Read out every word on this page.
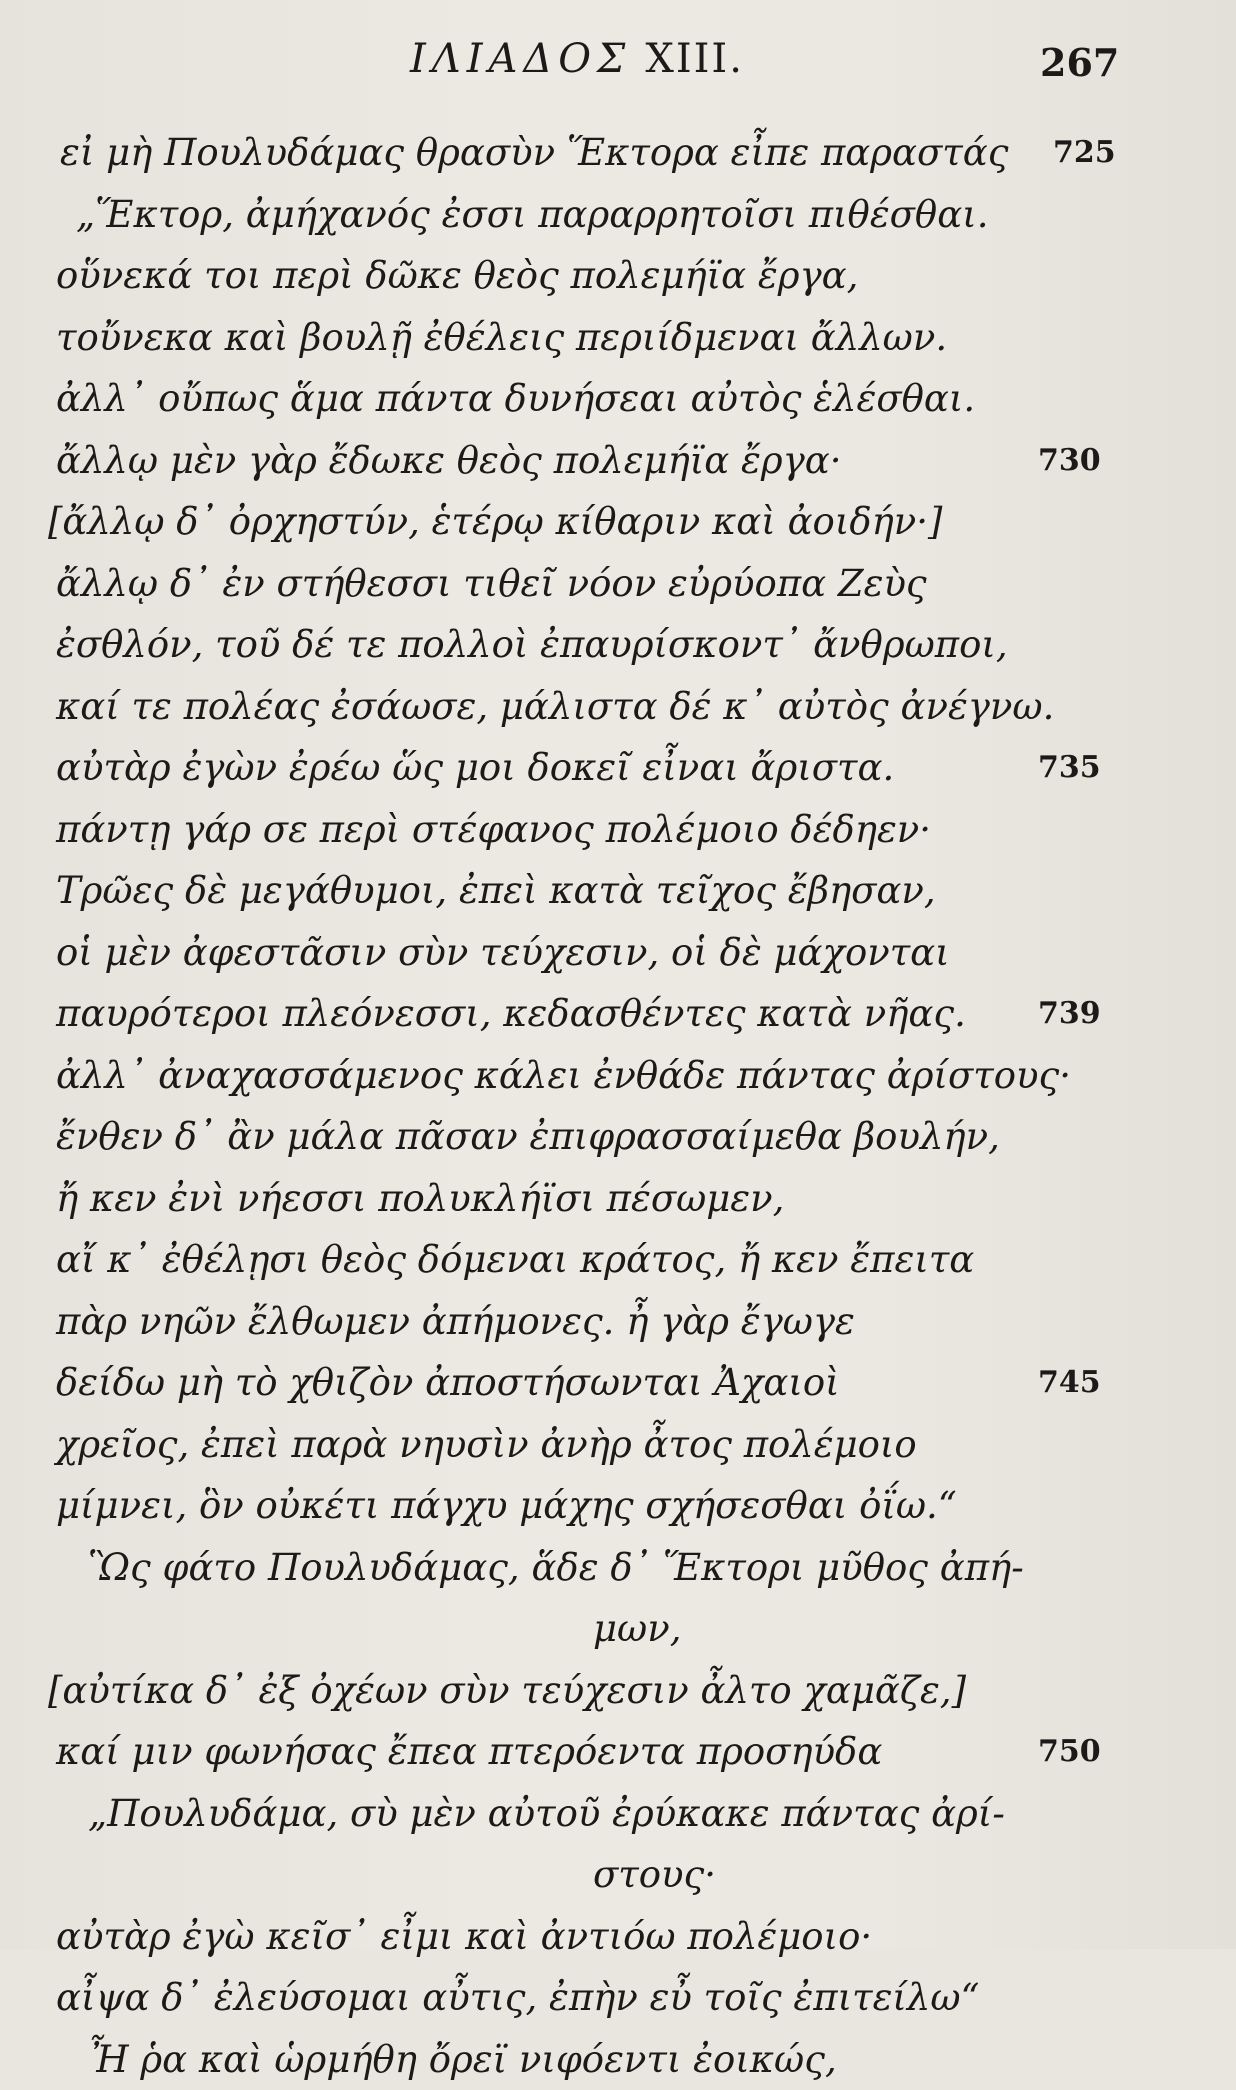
ΙΛΙΑΔΟΣ XIII.	267
εἰ μὴ Πουλυδάμας θρασὺν Ἕκτορα εἶπε παραστάς 725
„Ἕκτορ, ἀμήχανός ἐσσι παραρρητοῖσι πιθέσθαι.
οὕνεκά τοι περὶ δῶκε θεὸς πολεμήϊα ἔργα,
τοὔνεκα καὶ βουλῇ ἐθέλεις περιίδμεναι ἄλλων.
ἀλλ᾽ οὔπως ἅμα πάντα δυνήσεαι αὐτὸς ἑλέσθαι.
ἄλλῳ μὲν γὰρ ἔδωκε θεὸς πολεμήϊα ἔργα·	730
[ἄλλῳ δ᾽ ὀρχηστύν, ἑτέρῳ κίθαριν καὶ ἀοιδήν·]
ἄλλῳ δ᾽ ἐν στήθεσσι τιθεῖ νόον εὐρύοπα Ζεὺς
ἐσθλόν, τοῦ δέ τε πολλοὶ ἐπαυρίσκοντ᾽ ἄνθρωποι,
καί τε πολέας ἐσάωσε, μάλιστα δέ κ᾽ αὐτὸς ἀνέγνω.
αὐτὰρ ἐγὼν ἐρέω ὥς μοι δοκεῖ εἶναι ἄριστα.	735
πάντῃ γάρ σε περὶ στέφανος πολέμοιο δέδηεν·
Τρῶες δὲ μεγάθυμοι, ἐπεὶ κατὰ τεῖχος ἔβησαν,
οἱ μὲν ἀφεστᾶσιν σὺν τεύχεσιν, οἱ δὲ μάχονται
παυρότεροι πλεόνεσσι, κεδασθέντες κατὰ νῆας. 739
ἀλλ᾽ ἀναχασσάμενος κάλει ἐνθάδε πάντας ἀρίστους·
ἔνθεν δ᾽ ἂν μάλα πᾶσαν ἐπιφρασσαίμεθα βουλήν,
ἤ κεν ἐνὶ νήεσσι πολυκλήϊσι πέσωμεν,
αἴ κ᾽ ἐθέλῃσι θεὸς δόμεναι κράτος, ἤ κεν ἔπειτα
πὰρ νηῶν ἔλθωμεν ἀπήμονες. ἦ γὰρ ἔγωγε
δείδω μὴ τὸ χθιζὸν ἀποστήσωνται Ἀχαιοὶ	745
χρεῖος, ἐπεὶ παρὰ νηυσὶν ἀνὴρ ἆτος πολέμοιο
μίμνει, ὃν οὐκέτι πάγχυ μάχης σχήσεσθαι ὀΐω.“
Ὣς φάτο Πουλυδάμας, ἅδε δ᾽ Ἕκτορι μῦθος ἀπή-
μων,
[αὐτίκα δ᾽ ἐξ ὀχέων σὺν τεύχεσιν ἆλτο χαμᾶζε,]
καί μιν φωνήσας ἔπεα πτερόεντα προσηύδα	750
„Πουλυδάμα, σὺ μὲν αὐτοῦ ἐρύκακε πάντας ἀρί-
στους·
αὐτὰρ ἐγὼ κεῖσ᾽ εἶμι καὶ ἀντιόω πολέμοιο·
αἶψα δ᾽ ἐλεύσομαι αὖτις, ἐπὴν εὖ τοῖς ἐπιτείλω“
Ἦ ῥα καὶ ὡρμήθη ὄρεϊ νιφόεντι ἐοικώς,
